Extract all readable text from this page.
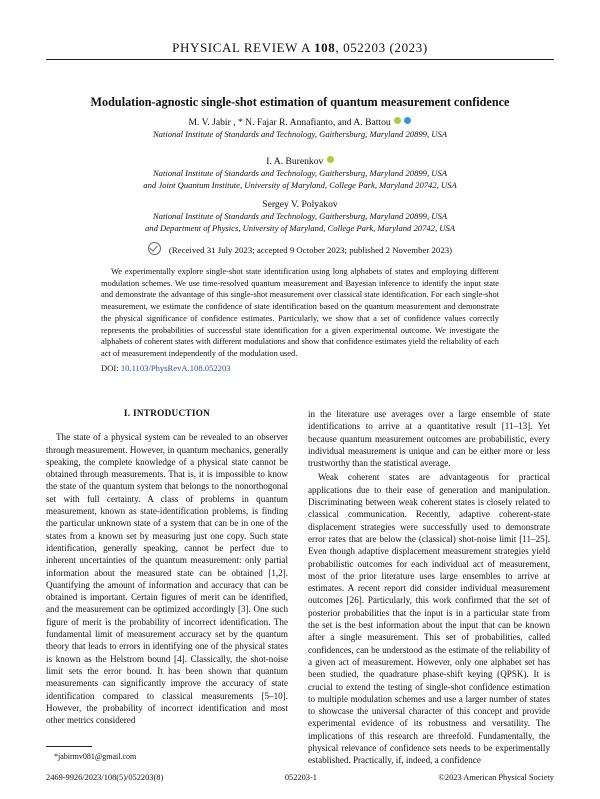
PHYSICAL REVIEW A 108, 052203 (2023)
Modulation-agnostic single-shot estimation of quantum measurement confidence
M. V. Jabir , * N. Fajar R. Annafianto, and A. Battou
National Institute of Standards and Technology, Gaithersburg, Maryland 20899, USA
I. A. Burenkov
National Institute of Standards and Technology, Gaithersburg, Maryland 20899, USA
and Joint Quantum Institute, University of Maryland, College Park, Maryland 20742, USA
Sergey V. Polyakov
National Institute of Standards and Technology, Gaithersburg, Maryland 20899, USA
and Department of Physics, University of Maryland, College Park, Maryland 20742, USA
(Received 31 July 2023; accepted 9 October 2023; published 2 November 2023)

We experimentally explore single-shot state identification using long alphabets of states and employing different modulation schemes. We use time-resolved quantum measurement and Bayesian inference to identify the input state and demonstrate the advantage of this single-shot measurement over classical state identification. For each single-shot measurement, we estimate the confidence of state identification based on the quantum measurement and demonstrate the physical significance of confidence estimates. Particularly, we show that a set of confidence values correctly represents the probabilities of successful state identification for a given experimental outcome. We investigate the alphabets of coherent states with different modulations and show that confidence estimates yield the reliability of each act of measurement independently of the modulation used.

DOI: 10.1103/PhysRevA.108.052203
I. INTRODUCTION

The state of a physical system can be revealed to an observer through measurement. However, in quantum mechanics, generally speaking, the complete knowledge of a physical state cannot be obtained through measurements. That is, it is impossible to know the state of the quantum system that belongs to the nonorthogonal set with full certainty. A class of problems in quantum measurement, known as state-identification problems, is finding the particular unknown state of a system that can be in one of the states from a known set by measuring just one copy. Such state identification, generally speaking, cannot be perfect due to inherent uncertainties of the quantum measurement: only partial information about the measured state can be obtained [1,2]. Quantifying the amount of information and accuracy that can be obtained is important. Certain figures of merit can be identified, and the measurement can be optimized accordingly [3]. One such figure of merit is the probability of incorrect identification. The fundamental limit of measurement accuracy set by the quantum theory that leads to errors in identifying one of the physical states is known as the Helstrom bound [4]. Classically, the shot-noise limit sets the error bound. It has been shown that quantum measurements can significantly improve the accuracy of state identification compared to classical measurements [5–10]. However, the probability of incorrect identification and most other metrics considered

in the literature use averages over a large ensemble of state identifications to arrive at a quantitative result [11–13]. Yet because quantum measurement outcomes are probabilistic, every individual measurement is unique and can be either more or less trustworthy than the statistical average.

Weak coherent states are advantageous for practical applications due to their ease of generation and manipulation. Discriminating between weak coherent states is closely related to classical communication. Recently, adaptive coherent-state displacement strategies were successfully used to demonstrate error rates that are below the (classical) shot-noise limit [11–25]. Even though adaptive displacement measurement strategies yield probabilistic outcomes for each individual act of measurement, most of the prior literature uses large ensembles to arrive at estimates. A recent report did consider individual measurement outcomes [26]. Particularly, this work confirmed that the set of posterior probabilities that the input is in a particular state from the set is the best information about the input that can be known after a single measurement. This set of probabilities, called confidences, can be understood as the estimate of the reliability of a given act of measurement. However, only one alphabet set has been studied, the quadrature phase-shift keying (QPSK). It is crucial to extend the testing of single-shot confidence estimation to multiple modulation schemes and use a larger number of states to showcase the universal character of this concept and provide experimental evidence of its robustness and versatility. The implications of this research are threefold. Fundamentally, the physical relevance of confidence sets needs to be experimentally established. Practically, if, indeed, a confidence

*jabirmv081@gmail.com
2469-9926/2023/108(5)/052203(8)	052203-1	©2023 American Physical Society
